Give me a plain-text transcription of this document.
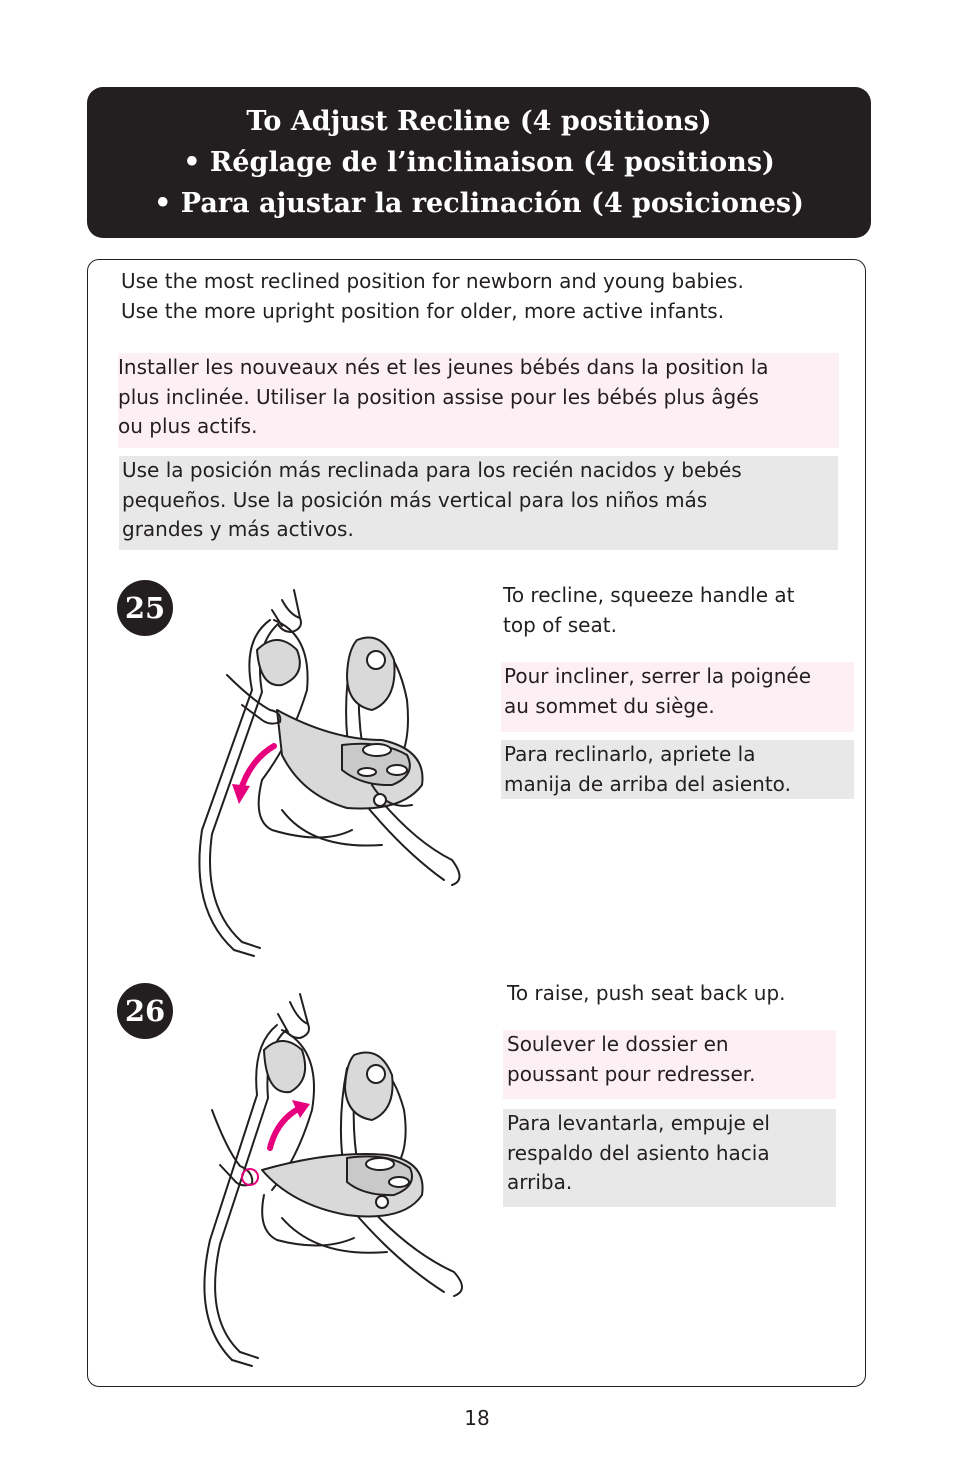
To Adjust Recline (4 positions)
• Réglage de l’inclinaison (4 positions)
• Para ajustar la reclinación (4 posiciones)
Use the most reclined position for newborn and young babies.
Use the more upright position for older, more active infants.
Installer les nouveaux nés et les jeunes bébés dans la position la
plus inclinée. Utiliser la position assise pour les bébés plus âgés
ou plus actifs.
Use la posición más reclinada para los recién nacidos y bebés
pequeños. Use la posición más vertical para los niños más
grandes y más activos.
25	To recline, squeeze handle at
top of seat.
Pour incliner, serrer la poignée
au sommet du siège.
Para reclinarlo, apriete la
manija de arriba del asiento.
26
To raise, push seat back up.
Soulever le dossier en
poussant pour redresser.
Para levantarla, empuje el
respaldo del asiento hacia
arriba.
18
